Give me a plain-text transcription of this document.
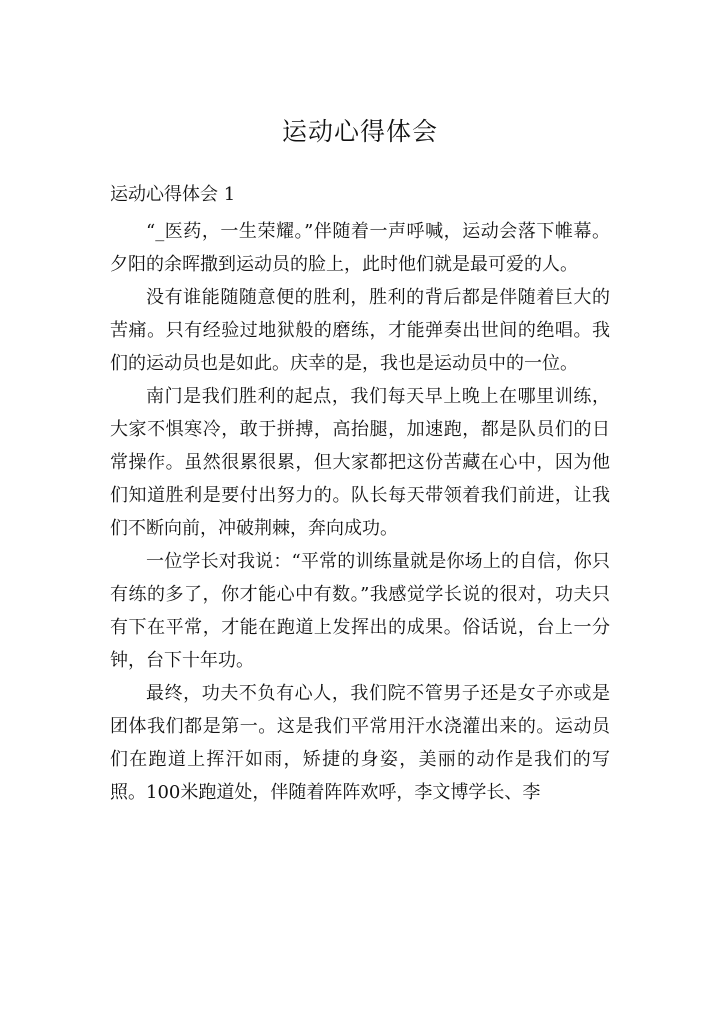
运动心得体会
运动心得体会 1

“_医药，一生荣耀。”伴随着一声呼喊，运动会落下帷幕。夕阳的余晖撒到运动员的脸上，此时他们就是最可爱的人。

没有谁能随随意便的胜利，胜利的背后都是伴随着巨大的苦痛。只有经验过地狱般的磨练，才能弹奏出世间的绝唱。我们的运动员也是如此。庆幸的是，我也是运动员中的一位。

南门是我们胜利的起点，我们每天早上晚上在哪里训练，大家不惧寒冷，敢于拼搏，高抬腿，加速跑，都是队员们的日常操作。虽然很累很累，但大家都把这份苦藏在心中，因为他们知道胜利是要付出努力的。队长每天带领着我们前进，让我们不断向前，冲破荆棘，奔向成功。

一位学长对我说：“平常的训练量就是你场上的自信，你只有练的多了，你才能心中有数。”我感觉学长说的很对，功夫只有下在平常，才能在跑道上发挥出的成果。俗话说，台上一分钟，台下十年功。

最终，功夫不负有心人，我们院不管男子还是女子亦或是团体我们都是第一。这是我们平常用汗水浇灌出来的。运动员们在跑道上挥汗如雨，矫捷的身姿，美丽的动作是我们的写照。100米跑道处，伴随着阵阵欢呼，李文博学长、李
